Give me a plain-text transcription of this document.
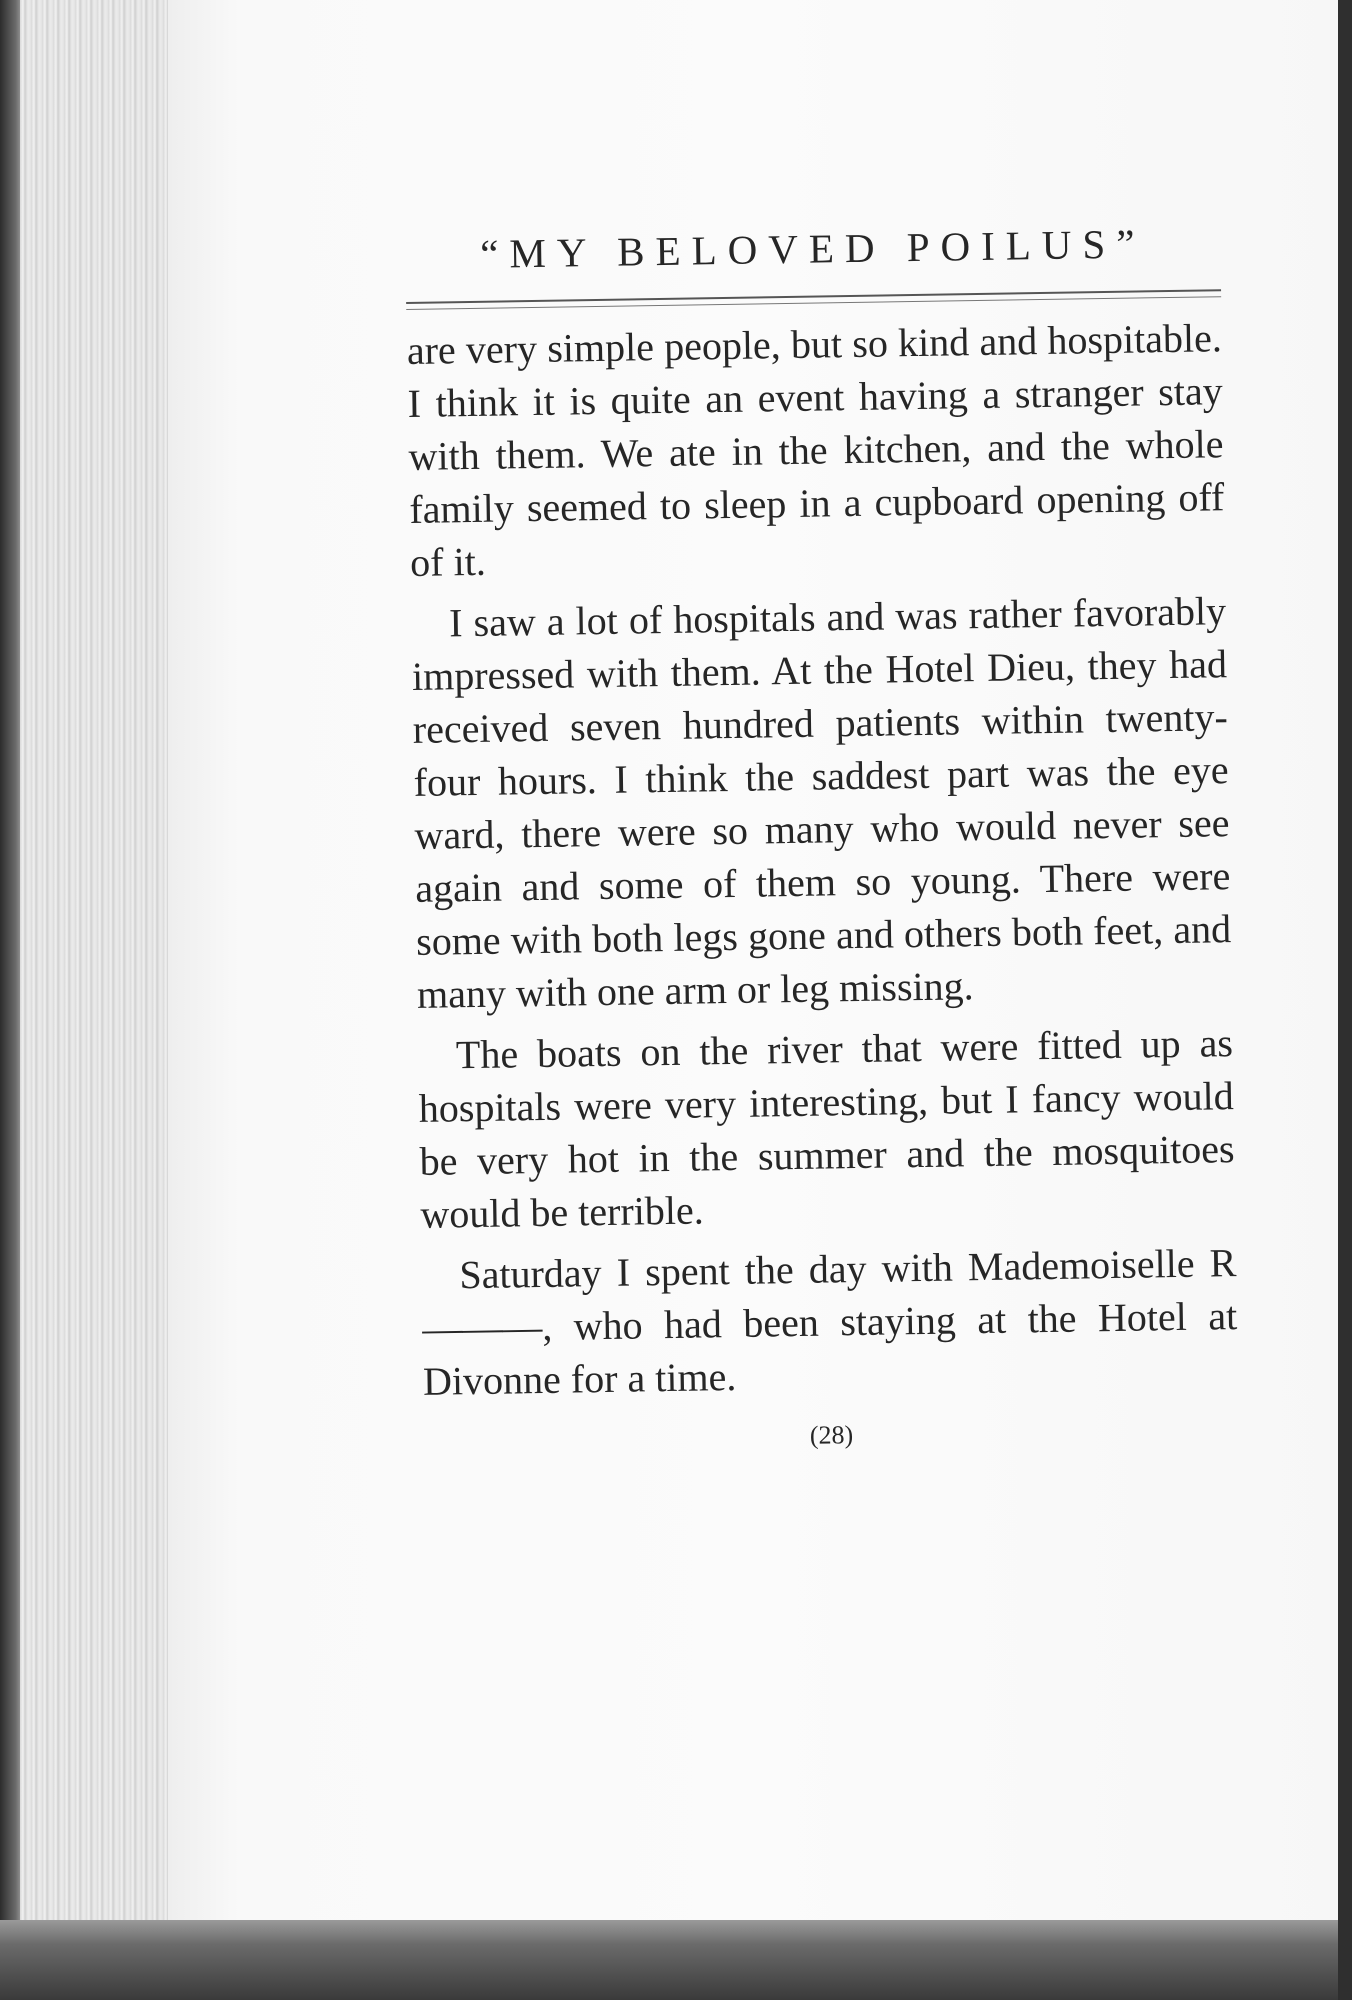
“MY BELOVED POILUS”

are very simple people, but so kind and hospitable. I think it is quite an event having a stranger stay with them. We ate in the kitchen, and the whole family seemed to sleep in a cupboard opening off of it.

I saw a lot of hospitals and was rather favorably impressed with them. At the Hotel Dieu, they had received seven hundred patients within twenty-four hours. I think the saddest part was the eye ward, there were so many who would never see again and some of them so young. There were some with both legs gone and others both feet, and many with one arm or leg missing.

The boats on the river that were fitted up as hospitals were very interesting, but I fancy would be very hot in the summer and the mosquitoes would be terrible.

Saturday I spent the day with Mademoiselle R———, who had been staying at the Hotel at Divonne for a time.

(28)
